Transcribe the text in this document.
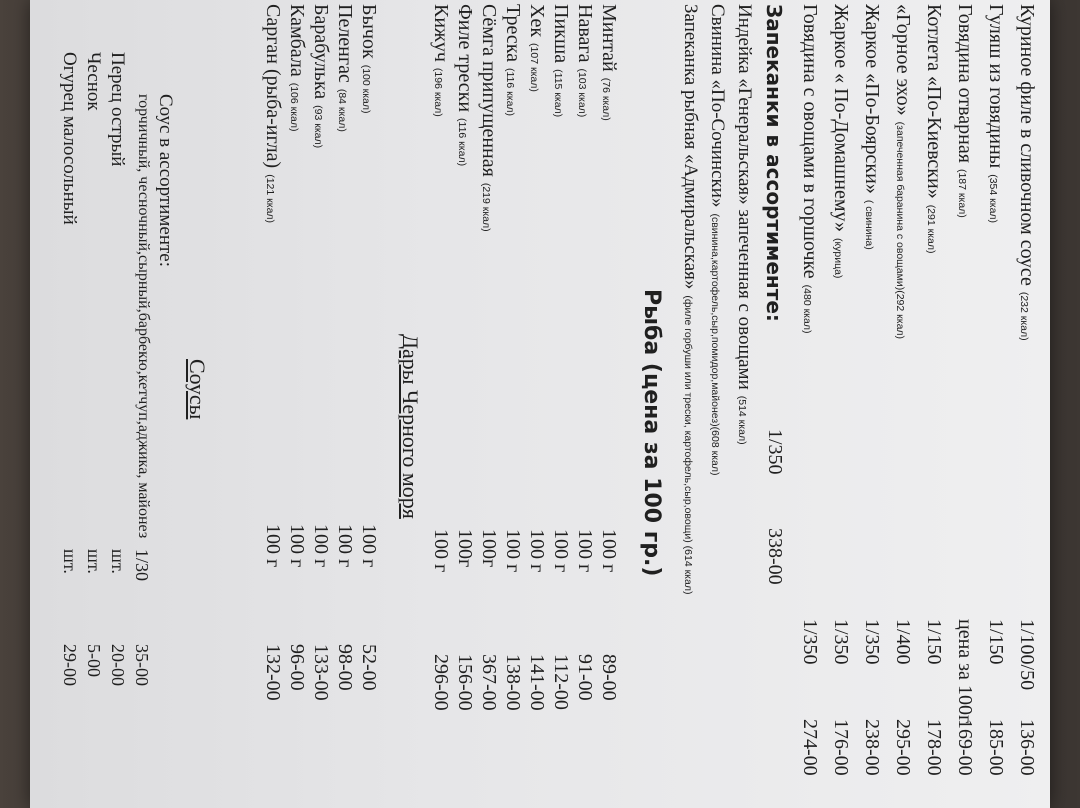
Куриное филе в сливочном соусе
(232 ккал)
1/100/50
136-00
Гуляш из говядины
(354 ккал)
1/150
185-00
Говядина отварная
(187 ккал)
цена за 100г
169-00
Котлета «По-Киевски»
(291 ккал)
1/150
178-00
«Горное эхо»
(запеченная баранина с овощами)(292 ккал)
1/400
295-00
Жаркое «По-Боярски»
( свинина)
1/350
238-00
Жаркое « По-Домашнему»
(курица)
1/350
176-00
Говядина с овощами в горшочке
(480 ккал)
1/350
274-00
Запеканки в ассортименте:
1/350
338-00
Индейка «Генеральская» запеченная с овощами
(514 ккал)
Свинина «По-Сочински»
(свинина,картофель,сыр,помидор,майонез)(608 ккал)
Запеканка рыбная «Адмиральская»
(филе горбуши или трески, картофель,сыр,овощи) (614 ккал)
Рыба (цена за 100 гр.)
Минтай
(76 ккал)
100 г
89-00
Навага
(103 ккал)
100 г
91-00
Пикша
(115 ккал)
100 г
112-00
Хек
(107 ккал)
100 г
141-00
Треска
(116 ккал)
100 г
138-00
Сёмга припущенная
(219 ккал)
100г
367-00
Филе трески
(116 ккал)
100г
156-00
Кижуч
(196 ккал)
100 г
296-00
Дары Черного моря
Бычок
(100 ккал)
100 г
52-00
Пеленгас
(84 ккал)
100 г
98-00
Барабулька
(93 ккал)
100 г
133-00
Камбала
(106 ккал)
100 г
96-00
Сарган (рыба-игла)
(121 ккал)
100 г
132-00
Соусы
Соус в ассортименте:
горчичный, чесночный,сырный,барбекю,кетчуп,аджика, майонез
1/30
35-00
Перец острый
шт.
20-00
Чеснок
шт.
5-00
Огурец малосольный
шт.
29-00
